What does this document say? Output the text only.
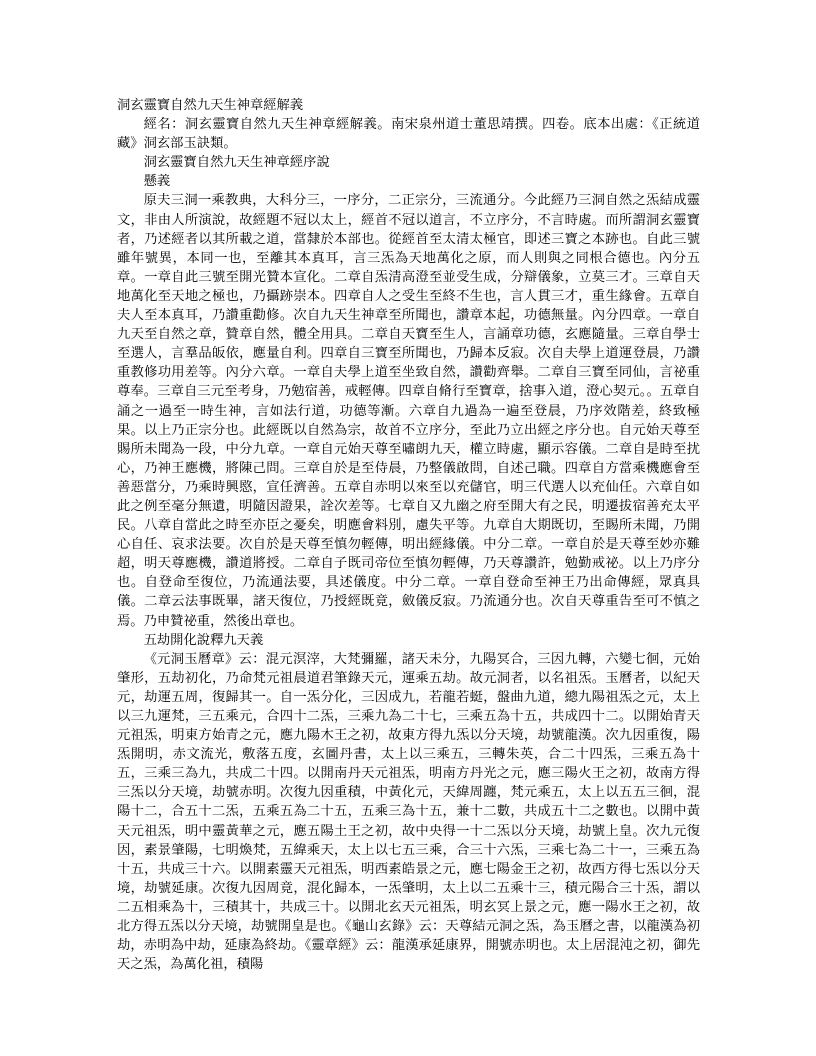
洞玄靈寶自然九天生神章經解義

經名：洞玄靈寶自然九天生神章經解義。南宋泉州道士董思靖撰。四卷。底本出處：《正統道藏》洞玄部玉訣類。

洞玄靈寶自然九天生神章經序說

懸義

原夫三洞一乘教典，大科分三，一序分，二正宗分，三流通分。今此經乃三洞自然之炁結成靈文，非由人所演說，故經題不冠以太上，經首不冠以道言，不立序分，不言時處。而所謂洞玄靈寶者，乃述經者以其所載之道，當隸於本部也。從經首至太清太極官，即述三寶之本跡也。自此三號雖年號異，本同一也，至離其本真耳，言三炁為天地萬化之原，而人則與之同根合德也。內分五章。一章自此三號至開光贊本宣化。二章自炁清高澄至並受生成，分辯儀象，立莫三才。三章自天地萬化至天地之極也，乃攝跡崇本。四章自人之受生至終不生也，言人貫三才，重生緣會。五章自夫人至本真耳，乃讚重勸修。次自九天生神章至所聞也，讚章本起，功德無量。內分四章。一章自九天至自然之章，贊章自然，體全用具。二章自天寶至生人，言誦章功德，玄應隨量。三章自學士至選人，言羣品皈依，應量自利。四章自三寶至所聞也，乃歸本反寂。次自夫學上道運登晨，乃讚重教修功用差等。內分六章。一章自夫學上道至坐致自然，讚勸齊舉。二章自三寶至同仙，言祕重尊奉。三章自三元至考身，乃勉宿善，戒輕傳。四章自脩行至寶章，捨事入道，澄心契元。。五章自誦之一過至一時生神，言如法行道，功德等漸。六章自九過為一遍至登晨，乃序效階差，終致極果。以上乃正宗分也。此經既以自然為宗，故首不立序分，至此乃立出經之序分也。自元始天尊至賜所未聞為一段，中分九章。一章自元始天尊至嘯朗九天，權立時處，顯示容儀。二章自是時至扰心，乃神王應機，將陳己問。三章自於是至侍晨，乃整儀啟問，自述己職。四章自方當乘機應會至善惡當分，乃乘時興愍，宣任濟善。五章自赤明以來至以充儲官，明三代選人以充仙任。六章自如此之例至毫分無遺，明隨因證果，詮次差等。七章自又九幽之府至開大有之民，明遷拔宿善充太平民。八章自當此之時至亦臣之憂矣，明應會料別，慮失平等。九章自大期既切，至賜所未聞，乃開心自任、哀求法要。次自於是天尊至慎勿輕傳，明出經緣儀。中分二章。一章自於是天尊至妙亦難超，明天尊應機，讚道將授。二章自子既司帝位至慎勿輕傳，乃天尊讚許，勉勤戒祕。以上乃序分也。自登命至復位，乃流通法要，具述儀度。中分二章。一章自登命至神王乃出命傳經，眾真具儀。二章云法事既畢，諸天復位，乃授經既竟，斂儀反寂。乃流通分也。次自天尊重告至可不慎之焉。乃申贊祕重，然後出章也。

五劫開化說釋九天義

《元洞玉曆章》云：混元溟滓，大梵彌羅，諸天未分，九陽冥合，三因九轉，六變七徊，元始肇形，五劫初化，乃命梵元祖晨道君筆錄天元，運乘五劫。故元洞者，以名祖炁。玉曆者，以紀天元，劫運五周，復歸其一。自一炁分化，三因成九，若龍若蜓，盤曲九道，總九陽祖炁之元，太上以三九運梵，三五乘元，合四十二炁，三乘九為二十七，三乘五為十五，共成四十二。以開始青天元祖炁，明東方始青之元，應九陽木王之初，故東方得九炁以分天境，劫號龍漢。次九因重復，陽炁開明，赤文流光，敷落五度，玄圖丹書，太上以三乘五，三轉朱英，合二十四炁，三乘五為十五，三乘三為九，共成二十四。以開南丹天元祖炁，明南方丹光之元，應三陽火王之初，故南方得三炁以分天境，劫號赤明。次復九因重積，中黃化元，天緯周躔，梵元乘五，太上以五五三徊，混陽十二，合五十二炁，五乘五為二十五，五乘三為十五，兼十二數，共成五十二之數也。以開中黃天元祖炁，明中靈黃華之元，應五陽土王之初，故中央得一十二炁以分天境，劫號上皇。次九元復因，素景肇陽，七明煥梵，五緯乘天，太上以七五三乘，合三十六炁，三乘七為二十一，三乘五為十五，共成三十六。以開素靈天元祖炁，明西素皓景之元，應七陽金王之初，故西方得七炁以分天境，劫號延康。次復九因周竟，混化歸本，一炁肇明，太上以二五乘十三，積元陽合三十炁，謂以二五相乘為十，三積其十，共成三十。以開北玄天元祖炁，明玄冥上景之元，應一陽水王之初，故北方得五炁以分天境，劫號開皇是也。《龜山玄錄》云：天尊結元洞之炁，為玉曆之書，以龍漢為初劫，赤明為中劫，延康為終劫。《靈章經》云：龍漢承延康界，開號赤明也。太上居混沌之初，御先天之炁，為萬化祖，積陽
